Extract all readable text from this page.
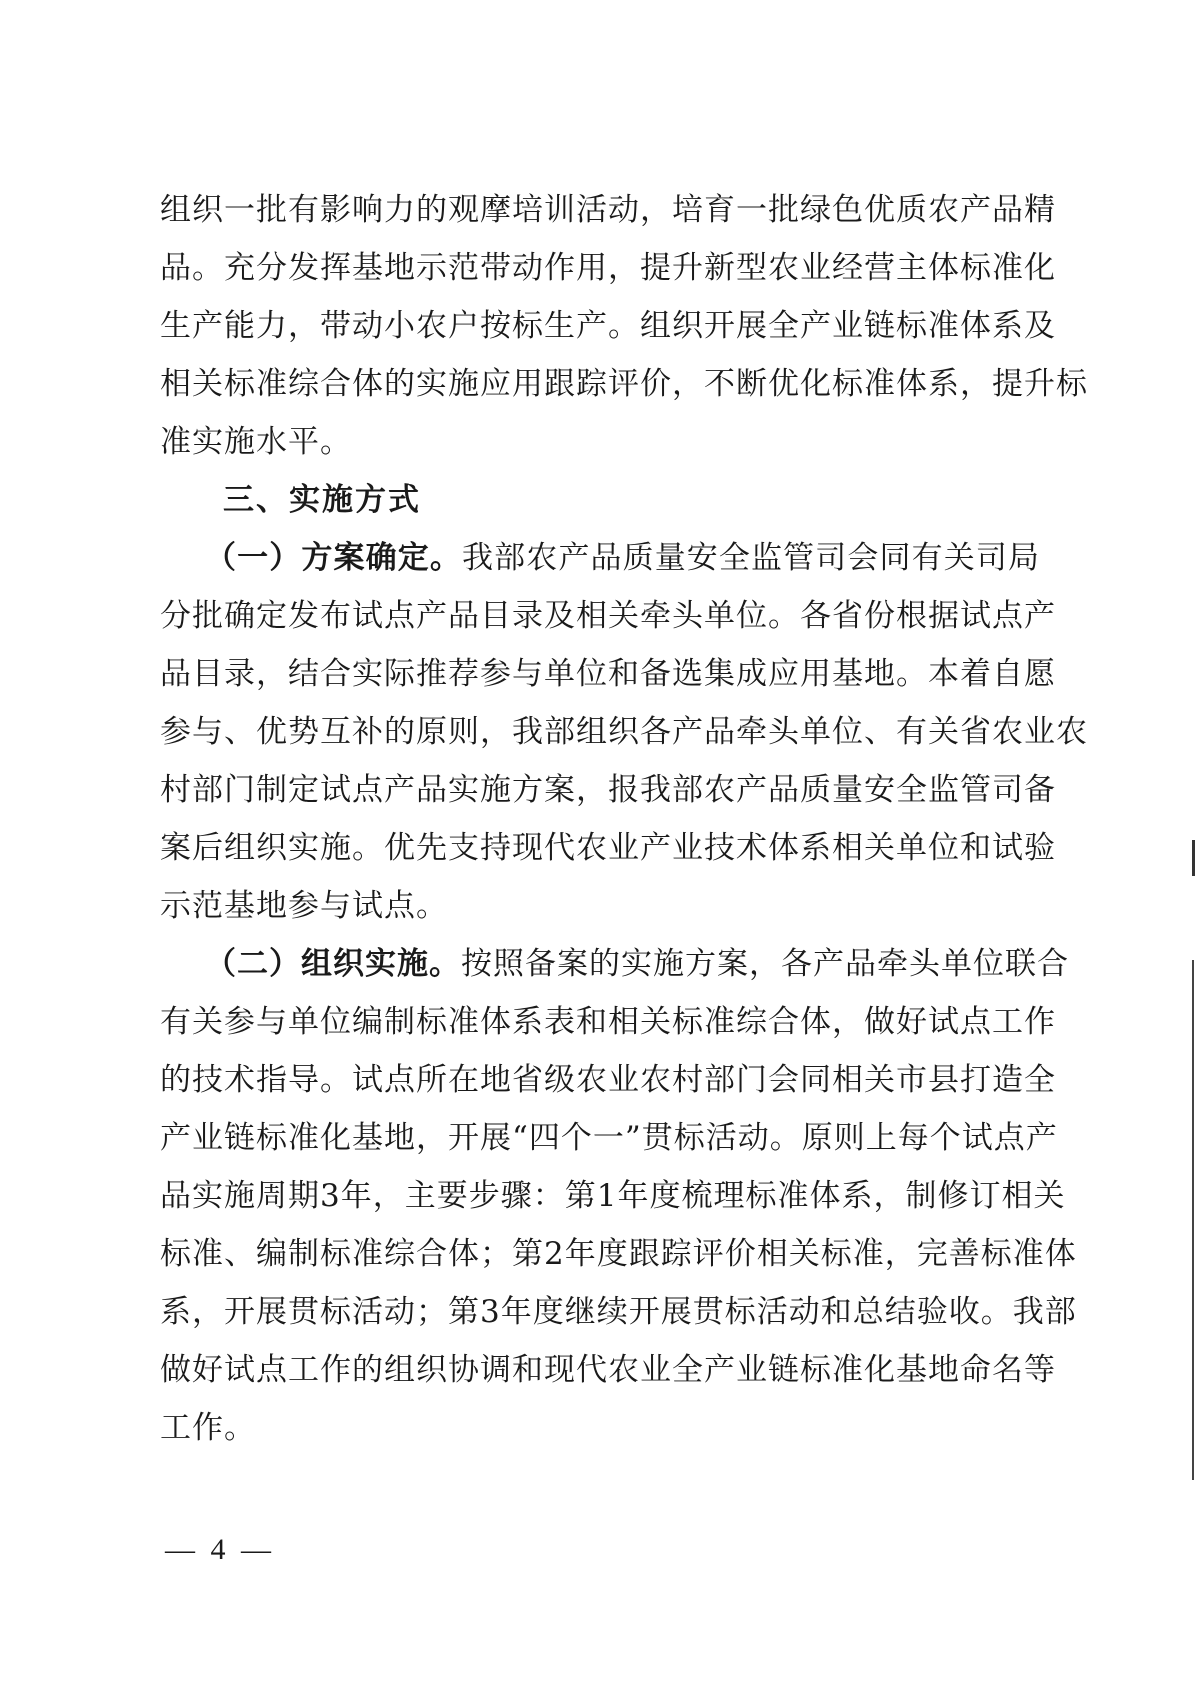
组织一批有影响力的观摩培训活动，培育一批绿色优质农产品精
品。充分发挥基地示范带动作用，提升新型农业经营主体标准化
生产能力，带动小农户按标生产。组织开展全产业链标准体系及
相关标准综合体的实施应用跟踪评价，不断优化标准体系，提升标
准实施水平。
三、实施方式
（一）方案确定。我部农产品质量安全监管司会同有关司局
分批确定发布试点产品目录及相关牵头单位。各省份根据试点产
品目录，结合实际推荐参与单位和备选集成应用基地。本着自愿
参与、优势互补的原则，我部组织各产品牵头单位、有关省农业农
村部门制定试点产品实施方案，报我部农产品质量安全监管司备
案后组织实施。优先支持现代农业产业技术体系相关单位和试验
示范基地参与试点。
（二）组织实施。按照备案的实施方案，各产品牵头单位联合
有关参与单位编制标准体系表和相关标准综合体，做好试点工作
的技术指导。试点所在地省级农业农村部门会同相关市县打造全
产业链标准化基地，开展“四个一”贯标活动。原则上每个试点产
品实施周期3年，主要步骤：第1年度梳理标准体系，制修订相关
标准、编制标准综合体；第2年度跟踪评价相关标准，完善标准体
系，开展贯标活动；第3年度继续开展贯标活动和总结验收。我部
做好试点工作的组织协调和现代农业全产业链标准化基地命名等
工作。
— 4 —
